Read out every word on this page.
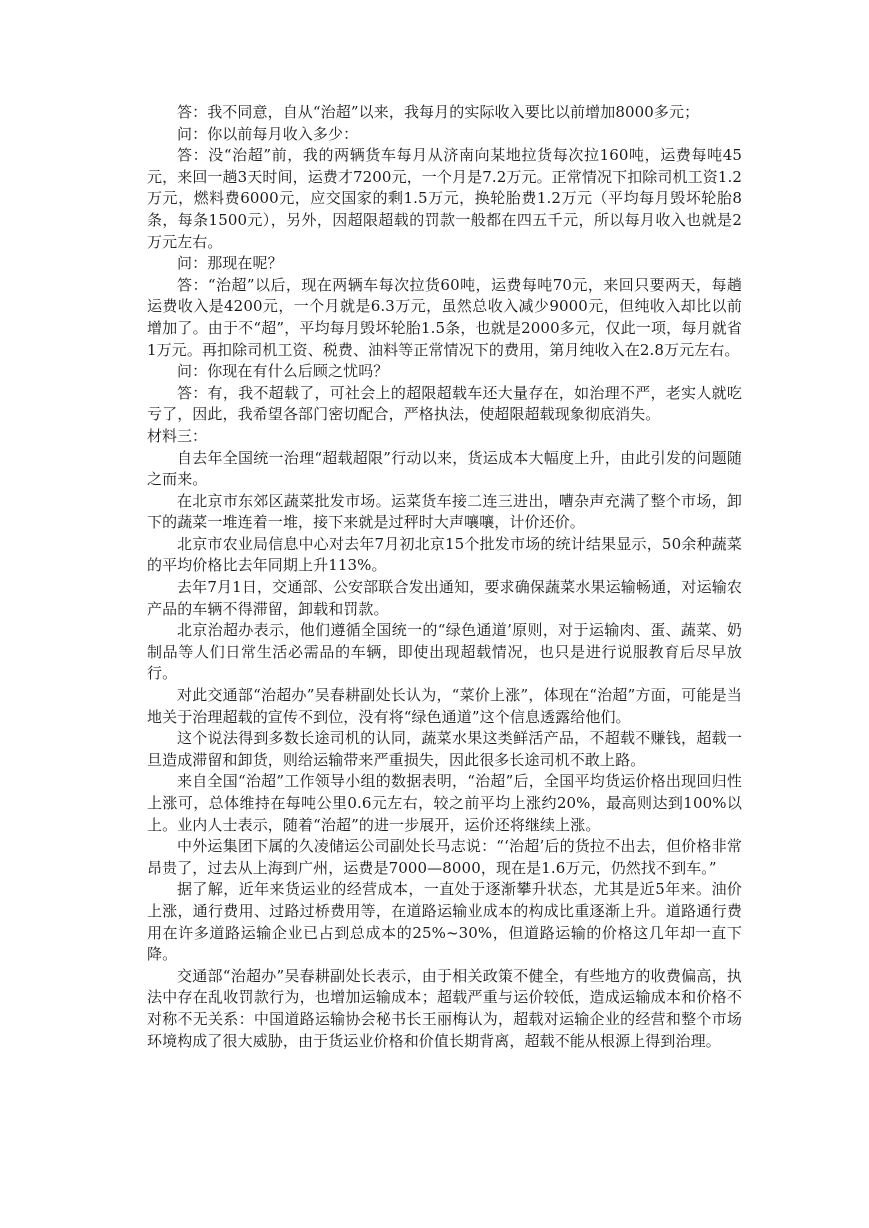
答：我不同意，自从“治超”以来，我每月的实际收入要比以前增加8000多元；

问：你以前每月收入多少：

答：没“治超”前，我的两辆货车每月从济南向某地拉货每次拉160吨，运费每吨45元，来回一趟3天时间，运费才7200元，一个月是7.2万元。正常情况下扣除司机工资1.2万元，燃料费6000元，应交国家的剩1.5万元，换轮胎费1.2万元（平均每月毁坏轮胎8条，每条1500元），另外，因超限超载的罚款一般都在四五千元，所以每月收入也就是2万元左右。

问：那现在呢？

答：“治超”以后，现在两辆车每次拉货60吨，运费每吨70元，来回只要两天，每趟运费收入是4200元，一个月就是6.3万元，虽然总收入减少9000元，但纯收入却比以前增加了。由于不“超”，平均每月毁坏轮胎1.5条，也就是2000多元，仅此一项，每月就省1万元。再扣除司机工资、税费、油料等正常情况下的费用，第月纯收入在2.8万元左右。

问：你现在有什么后顾之忧吗？

答：有，我不超载了，可社会上的超限超载车还大量存在，如治理不严，老实人就吃亏了，因此，我希望各部门密切配合，严格执法，使超限超载现象彻底消失。

材料三：

自去年全国统一治理“超载超限”行动以来，货运成本大幅度上升，由此引发的问题随之而来。

在北京市东郊区蔬菜批发市场。运菜货车接二连三进出，嘈杂声充满了整个市场，卸下的蔬菜一堆连着一堆，接下来就是过秤时大声嚷嚷，计价还价。

北京市农业局信息中心对去年7月初北京15个批发市场的统计结果显示，50余种蔬菜的平均价格比去年同期上升113%。

去年7月1日，交通部、公安部联合发出通知，要求确保蔬菜水果运输畅通，对运输农产品的车辆不得滞留，卸载和罚款。

北京治超办表示，他们遵循全国统一的“绿色通道’原则，对于运输肉、蛋、蔬菜、奶制品等人们日常生活必需品的车辆，即使出现超载情况，也只是进行说服教育后尽早放行。

对此交通部“治超办”吴春耕副处长认为，“菜价上涨”，体现在“治超”方面，可能是当地关于治理超载的宣传不到位，没有将“绿色通道”这个信息透露给他们。

这个说法得到多数长途司机的认同，蔬菜水果这类鲜活产品，不超载不赚钱，超载一旦造成滞留和卸货，则给运输带来严重损失，因此很多长途司机不敢上路。

来自全国“治超”工作领导小组的数据表明，“治超”后，全国平均货运价格出现回归性上涨可，总体维持在每吨公里0.6元左右，较之前平均上涨约20%，最高则达到100%以上。业内人士表示，随着“治超”的进一步展开，运价还将继续上涨。

中外运集团下属的久凌储运公司副处长马志说：“‘治超’后的货拉不出去，但价格非常昂贵了，过去从上海到广州，运费是7000—8000，现在是1.6万元，仍然找不到车。”

据了解，近年来货运业的经营成本，一直处于逐渐攀升状态，尤其是近5年来。油价上涨，通行费用、过路过桥费用等，在道路运输业成本的构成比重逐渐上升。道路通行费用在许多道路运输企业已占到总成本的25%~30%，但道路运输的价格这几年却一直下降。

交通部“治超办”吴春耕副处长表示，由于相关政策不健全，有些地方的收费偏高，执法中存在乱收罚款行为，也增加运输成本；超载严重与运价较低，造成运输成本和价格不对称不无关系：中国道路运输协会秘书长王丽梅认为，超载对运输企业的经营和整个市场环境构成了很大威胁，由于货运业价格和价值长期背离，超载不能从根源上得到治理。
